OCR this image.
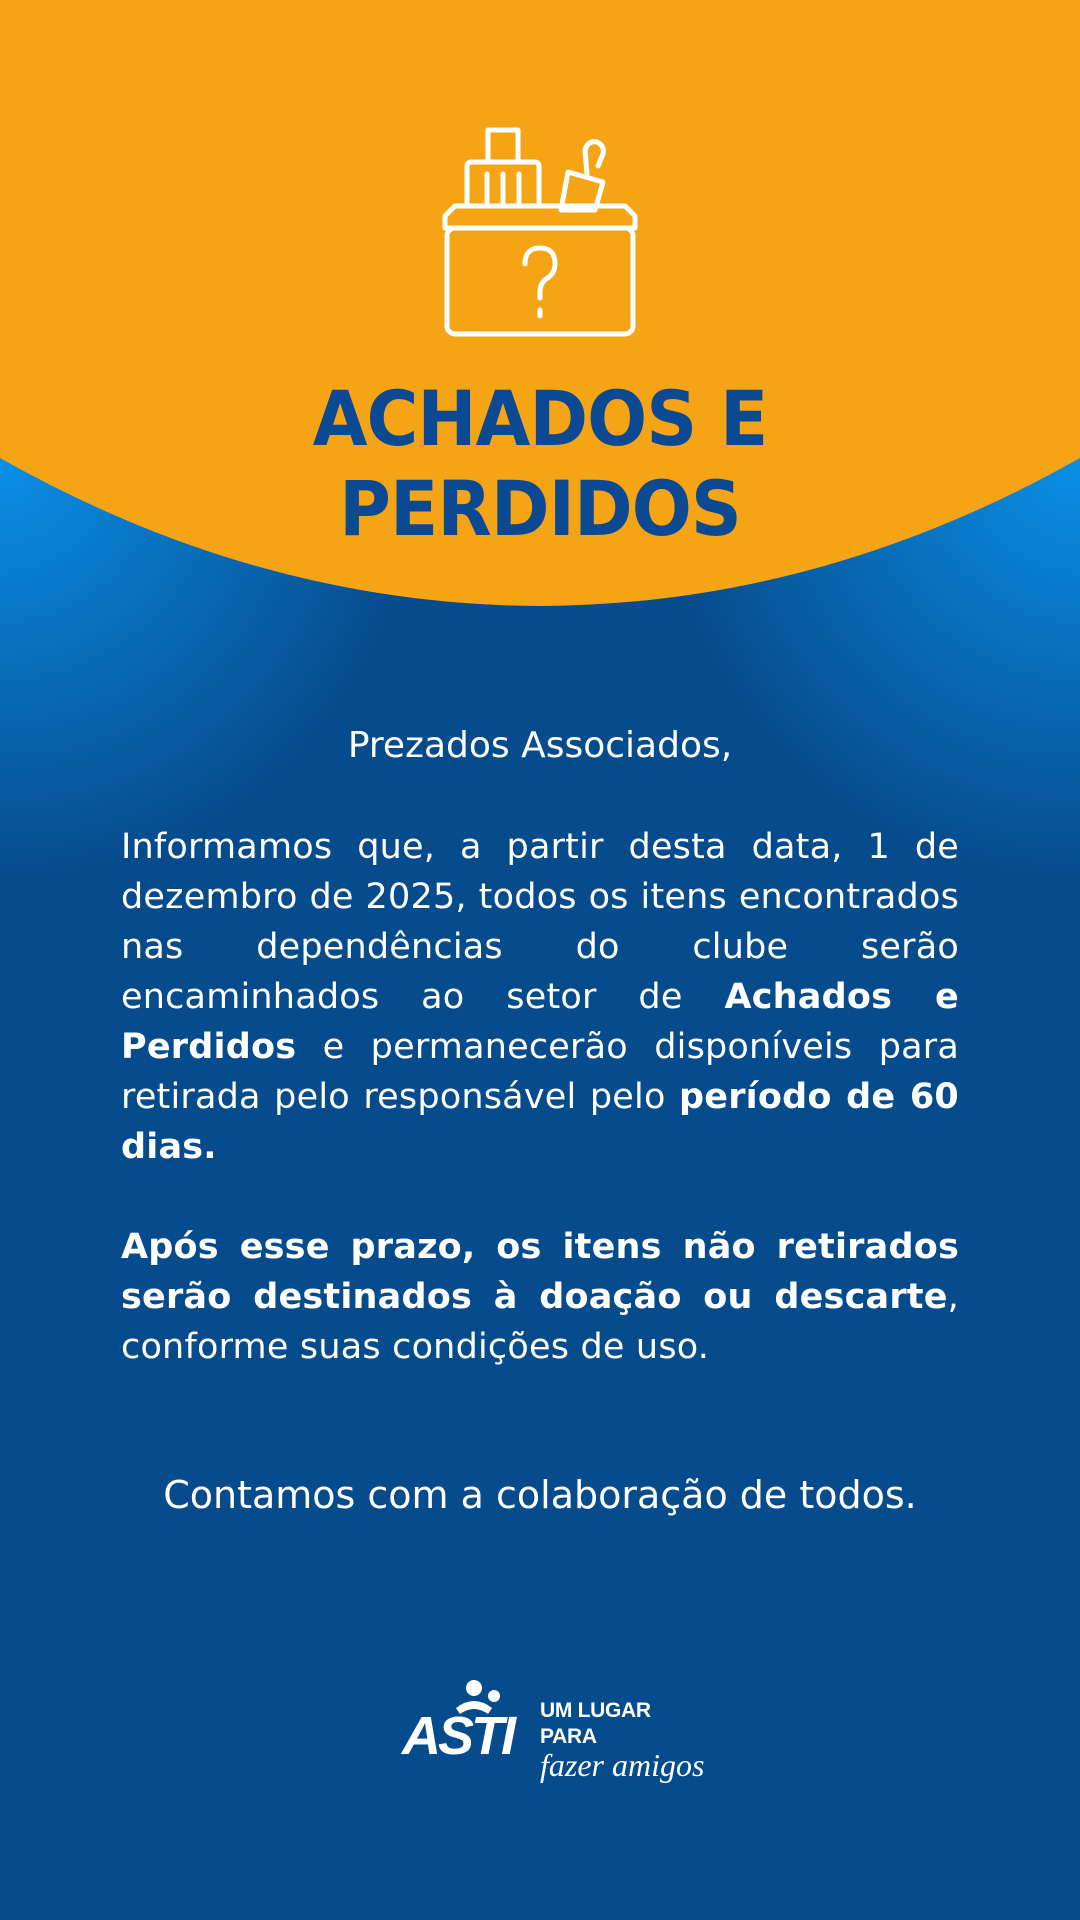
ACHADOS E
PERDIDOS
Prezados Associados,

Informamos que, a partir desta data, 1 de dezembro de 2025, todos os itens encontrados nas dependências do clube serão encaminhados ao setor de Achados e Perdidos e permanecerão disponíveis para retirada pelo responsável pelo período de 60 dias.

Após esse prazo, os itens não retirados serão destinados à doação ou descarte, conforme suas condições de uso.

Contamos com a colaboração de todos.
ASTI UM LUGAR PARA
fazer amigos
